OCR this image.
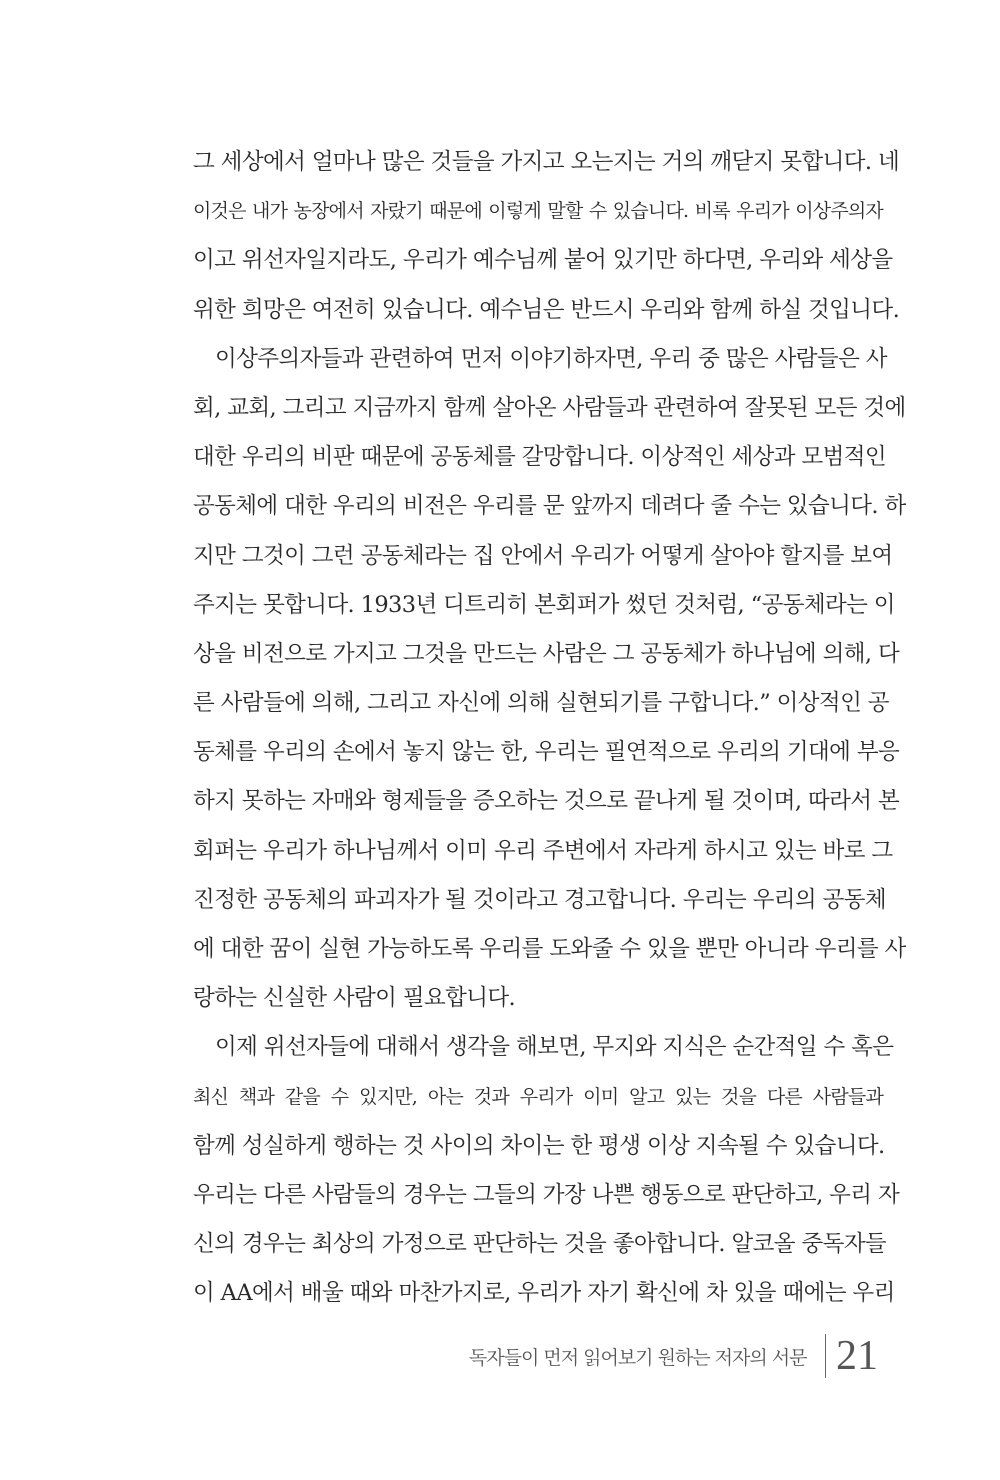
그 세상에서 얼마나 많은 것들을 가지고 오는지는 거의 깨닫지 못합니다. 네
이것은 내가 농장에서 자랐기 때문에 이렇게 말할 수 있습니다. 비록 우리가 이상주의자
이고 위선자일지라도, 우리가 예수님께 붙어 있기만 하다면, 우리와 세상을
위한 희망은 여전히 있습니다. 예수님은 반드시 우리와 함께 하실 것입니다.
이상주의자들과 관련하여 먼저 이야기하자면, 우리 중 많은 사람들은 사
회, 교회, 그리고 지금까지 함께 살아온 사람들과 관련하여 잘못된 모든 것에
대한 우리의 비판 때문에 공동체를 갈망합니다. 이상적인 세상과 모범적인
공동체에 대한 우리의 비전은 우리를 문 앞까지 데려다 줄 수는 있습니다. 하
지만 그것이 그런 공동체라는 집 안에서 우리가 어떻게 살아야 할지를 보여
주지는 못합니다. 1933년 디트리히 본회퍼가 썼던 것처럼, “공동체라는 이
상을 비전으로 가지고 그것을 만드는 사람은 그 공동체가 하나님에 의해, 다
른 사람들에 의해, 그리고 자신에 의해 실현되기를 구합니다.” 이상적인 공
동체를 우리의 손에서 놓지 않는 한, 우리는 필연적으로 우리의 기대에 부응
하지 못하는 자매와 형제들을 증오하는 것으로 끝나게 될 것이며, 따라서 본
회퍼는 우리가 하나님께서 이미 우리 주변에서 자라게 하시고 있는 바로 그
진정한 공동체의 파괴자가 될 것이라고 경고합니다. 우리는 우리의 공동체
에 대한 꿈이 실현 가능하도록 우리를 도와줄 수 있을 뿐만 아니라 우리를 사
랑하는 신실한 사람이 필요합니다.
이제 위선자들에 대해서 생각을 해보면, 무지와 지식은 순간적일 수 혹은
최신 책과 같을 수 있지만, 아는 것과 우리가 이미 알고 있는 것을 다른 사람들과
함께 성실하게 행하는 것 사이의 차이는 한 평생 이상 지속될 수 있습니다.
우리는 다른 사람들의 경우는 그들의 가장 나쁜 행동으로 판단하고, 우리 자
신의 경우는 최상의 가정으로 판단하는 것을 좋아합니다. 알코올 중독자들
이 AA에서 배울 때와 마찬가지로, 우리가 자기 확신에 차 있을 때에는 우리
독자들이 먼저 읽어보기 원하는 저자의 서문 21
